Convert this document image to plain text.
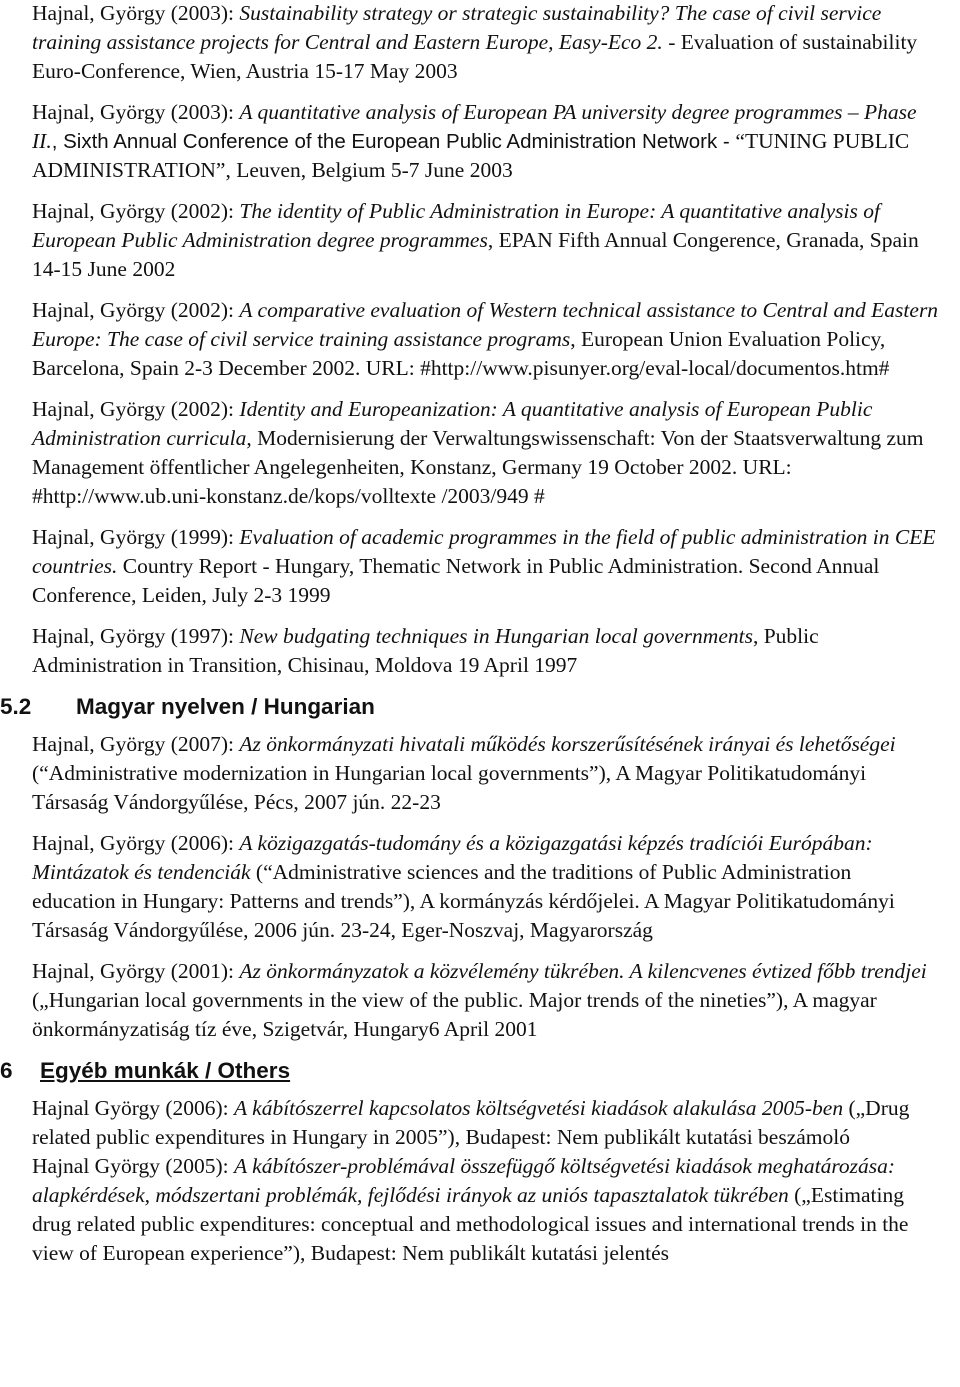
Hajnal, György (2003): Sustainability strategy or strategic sustainability? The case of civil service training assistance projects for Central and Eastern Europe, Easy-Eco 2. - Evaluation of sustainability Euro-Conference, Wien, Austria 15-17 May 2003

Hajnal, György (2003): A quantitative analysis of European PA university degree programmes – Phase II., Sixth Annual Conference of the European Public Administration Network - “TUNING PUBLIC ADMINISTRATION”, Leuven, Belgium 5-7 June 2003

Hajnal, György (2002): The identity of Public Administration in Europe: A quantitative analysis of European Public Administration degree programmes, EPAN Fifth Annual Congerence, Granada, Spain 14-15 June 2002

Hajnal, György (2002): A comparative evaluation of Western technical assistance to Central and Eastern Europe: The case of civil service training assistance programs, European Union Evaluation Policy, Barcelona, Spain 2-3 December 2002. URL: #http://www.pisunyer.org/eval-local/documentos.htm#

Hajnal, György (2002): Identity and Europeanization: A quantitative analysis of European Public Administration curricula, Modernisierung der Verwaltungswissenschaft: Von der Staatsverwaltung zum Management öffentlicher Angelegenheiten, Konstanz, Germany 19 October 2002. URL: #http://www.ub.uni-konstanz.de/kops/volltexte /2003/949 #

Hajnal, György (1999): Evaluation of academic programmes in the field of public administration in CEE countries. Country Report - Hungary, Thematic Network in Public Administration. Second Annual Conference, Leiden, July 2-3 1999

Hajnal, György (1997): New budgating techniques in Hungarian local governments, Public Administration in Transition, Chisinau, Moldova 19 April 1997

5.2	Magyar nyelven / Hungarian

Hajnal, György (2007): Az önkormányzati hivatali működés korszerűsítésének irányai és lehetőségei (“Administrative modernization in Hungarian local governments”), A Magyar Politikatudományi Társaság Vándorgyűlése, Pécs, 2007 jún. 22-23

Hajnal, György (2006): A közigazgatás-tudomány és a közigazgatási képzés tradíciói Európában: Mintázatok és tendenciák (“Administrative sciences and the traditions of Public Administration education in Hungary: Patterns and trends”), A kormányzás kérdőjelei. A Magyar Politikatudományi Társaság Vándorgyűlése, 2006 jún. 23-24, Eger-Noszvaj, Magyarország

Hajnal, György (2001): Az önkormányzatok a közvélemény tükrében. A kilencvenes évtized főbb trendjei („Hungarian local governments in the view of the public. Major trends of the nineties”), A magyar önkormányzatiság tíz éve, Szigetvár, Hungary6 April 2001

6	Egyéb munkák / Others

Hajnal György (2006): A kábítószerrel kapcsolatos költségvetési kiadások alakulása 2005-ben („Drug related public expenditures in Hungary in 2005”), Budapest: Nem publikált kutatási beszámoló

Hajnal György (2005): A kábítószer-problémával összefüggő költségvetési kiadások meghatározása: alapkérdések, módszertani problémák, fejlődési irányok az uniós tapasztalatok tükrében („Estimating drug related public expenditures: conceptual and methodological issues and international trends in the view of European experience”), Budapest: Nem publikált kutatási jelentés
